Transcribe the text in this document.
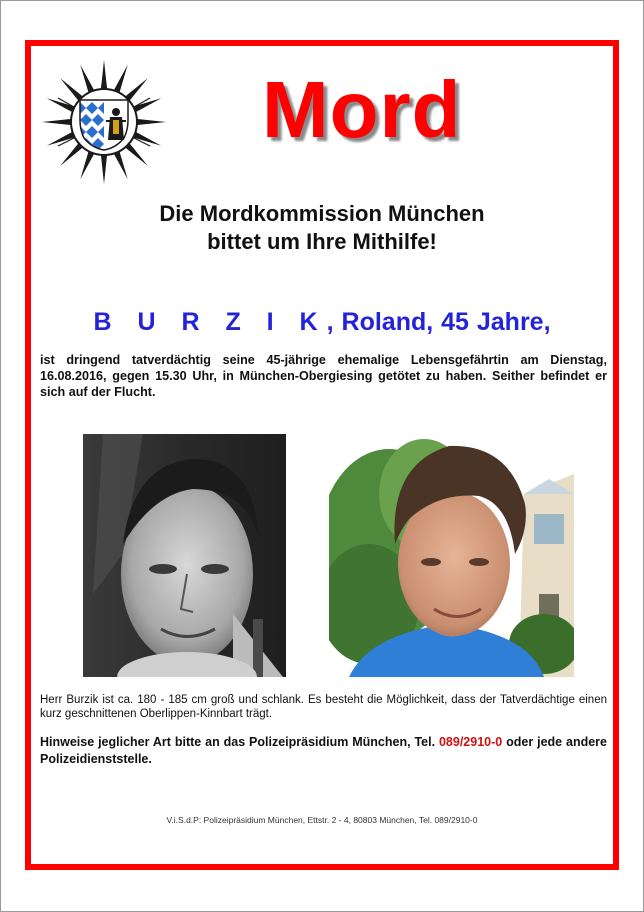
Mord
Die Mordkommission München
bittet um Ihre Mithilfe!
B U R Z I K, Roland, 45 Jahre,
ist dringend tatverdächtig seine 45-jährige ehemalige Lebensgefährtin am Dienstag, 16.08.2016, gegen 15.30 Uhr, in München-Obergiesing getötet zu haben. Seither befindet er sich auf der Flucht.
Herr Burzik ist ca. 180 - 185 cm groß und schlank. Es besteht die Möglichkeit, dass der Tatverdächtige einen kurz geschnittenen Oberlippen-Kinnbart trägt.
Hinweise jeglicher Art bitte an das Polizeipräsidium München, Tel. 089/2910-0 oder jede andere Polizeidienststelle.
V.i.S.d.P: Polizeipräsidium München, Ettstr. 2 - 4, 80803 München, Tel. 089/2910-0
